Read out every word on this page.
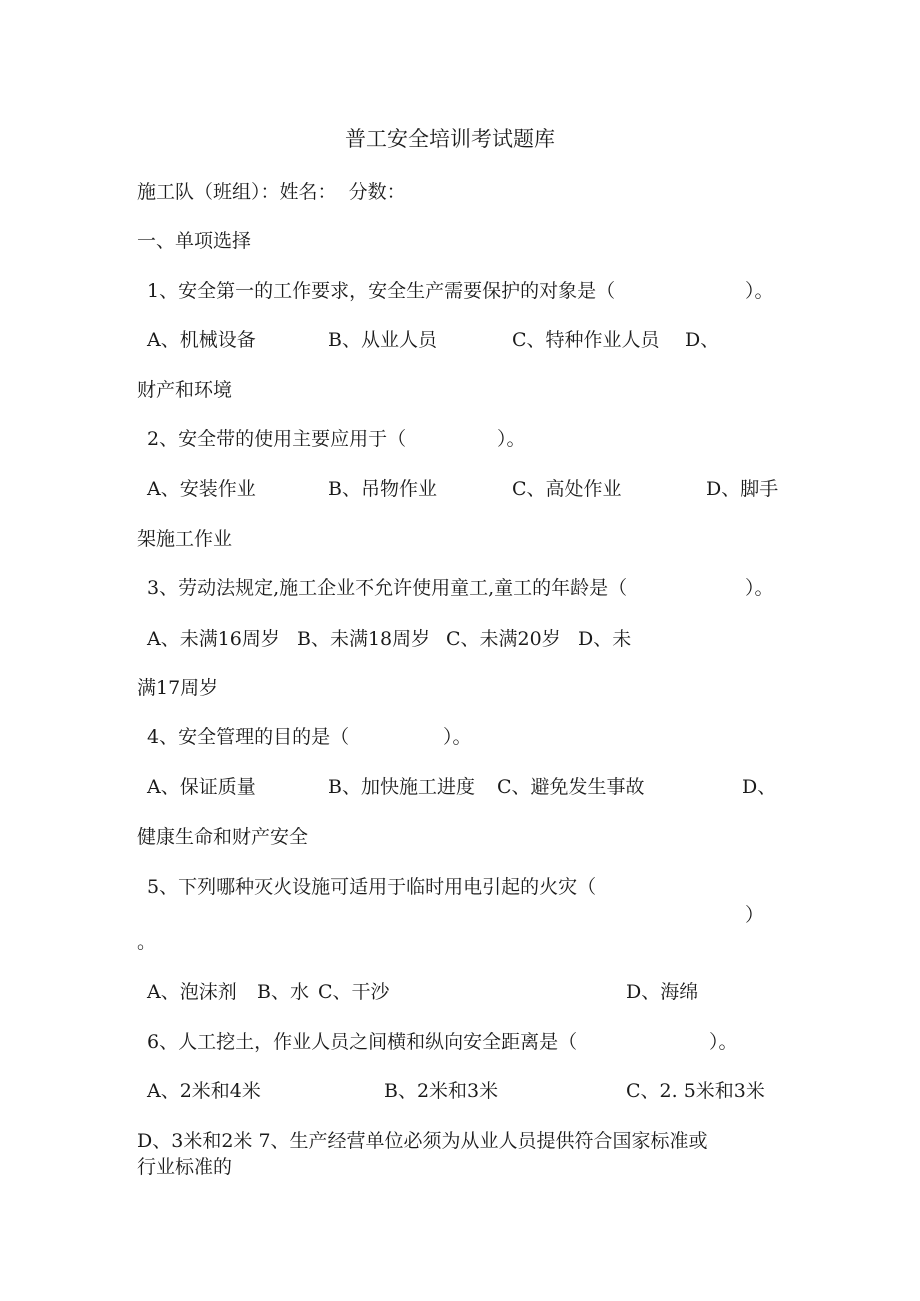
普工安全培训考试题库
施工队（班组）：姓名：  分数：
一、单项选择
1、安全第一的工作要求，安全生产需要保护的对象是（	）。
A、机械设备	B、从业人员	C、特种作业人员 D、
财产和环境
2、安全带的使用主要应用于（	）。
A、安装作业	B、吊物作业	C、高处作业	D、脚手
架施工作业
3、劳动法规定,施工企业不允许使用童工,童工的年龄是（	）。
A、未满16周岁 B、未满18周岁 C、未满20岁 D、未
满17周岁
4、安全管理的目的是（	）。
A、保证质量	B、加快施工进度 C、避免发生事故	D、
健康生命和财产安全
5、下列哪种灭火设施可适用于临时用电引起的火灾（
）
。
A、泡沫剂 B、水 C、干沙	D、海绵
6、人工挖土，作业人员之间横和纵向安全距离是（	）。
A、2米和4米	B、2米和3米	C、2. 5米和3米
D、3米和2米 7、生产经营单位必须为从业人员提供符合国家标准或
行业标准的
